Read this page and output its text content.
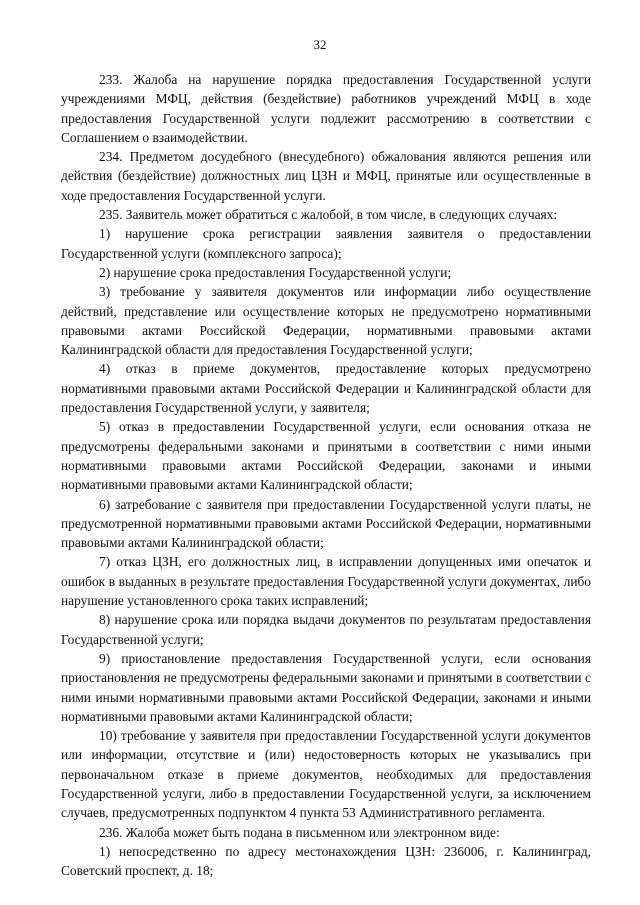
32

233. Жалоба на нарушение порядка предоставления Государственной услуги учреждениями МФЦ, действия (бездействие) работников учреждений МФЦ в ходе предоставления Государственной услуги подлежит рассмотрению в соответствии с Соглашением о взаимодействии.

234. Предметом досудебного (внесудебного) обжалования являются решения или действия (бездействие) должностных лиц ЦЗН и МФЦ, принятые или осуществленные в ходе предоставления Государственной услуги.

235. Заявитель может обратиться с жалобой, в том числе, в следующих случаях:

1) нарушение срока регистрации заявления заявителя о предоставлении Государственной услуги (комплексного запроса);

2) нарушение срока предоставления Государственной услуги;

3) требование у заявителя документов или информации либо осуществление действий, представление или осуществление которых не предусмотрено нормативными правовыми актами Российской Федерации, нормативными правовыми актами Калининградской области для предоставления Государственной услуги;

4) отказ в приеме документов, предоставление которых предусмотрено нормативными правовыми актами Российской Федерации и Калининградской области для предоставления Государственной услуги, у заявителя;

5) отказ в предоставлении Государственной услуги, если основания отказа не предусмотрены федеральными законами и принятыми в соответствии с ними иными нормативными правовыми актами Российской Федерации, законами и иными нормативными правовыми актами Калининградской области;

6) затребование с заявителя при предоставлении Государственной услуги платы, не предусмотренной нормативными правовыми актами Российской Федерации, нормативными правовыми актами Калининградской области;

7) отказ ЦЗН, его должностных лиц, в исправлении допущенных ими опечаток и ошибок в выданных в результате предоставления Государственной услуги документах, либо нарушение установленного срока таких исправлений;

8) нарушение срока или порядка выдачи документов по результатам предоставления Государственной услуги;

9) приостановление предоставления Государственной услуги, если основания приостановления не предусмотрены федеральными законами и принятыми в соответствии с ними иными нормативными правовыми актами Российской Федерации, законами и иными нормативными правовыми актами Калининградской области;

10) требование у заявителя при предоставлении Государственной услуги документов или информации, отсутствие и (или) недостоверность которых не указывались при первоначальном отказе в приеме документов, необходимых для предоставления Государственной услуги, либо в предоставлении Государственной услуги, за исключением случаев, предусмотренных подпунктом 4 пункта 53 Административного регламента.

236. Жалоба может быть подана в письменном или электронном виде:

1) непосредственно по адресу местонахождения ЦЗН: 236006, г. Калининград, Советский проспект, д. 18;
